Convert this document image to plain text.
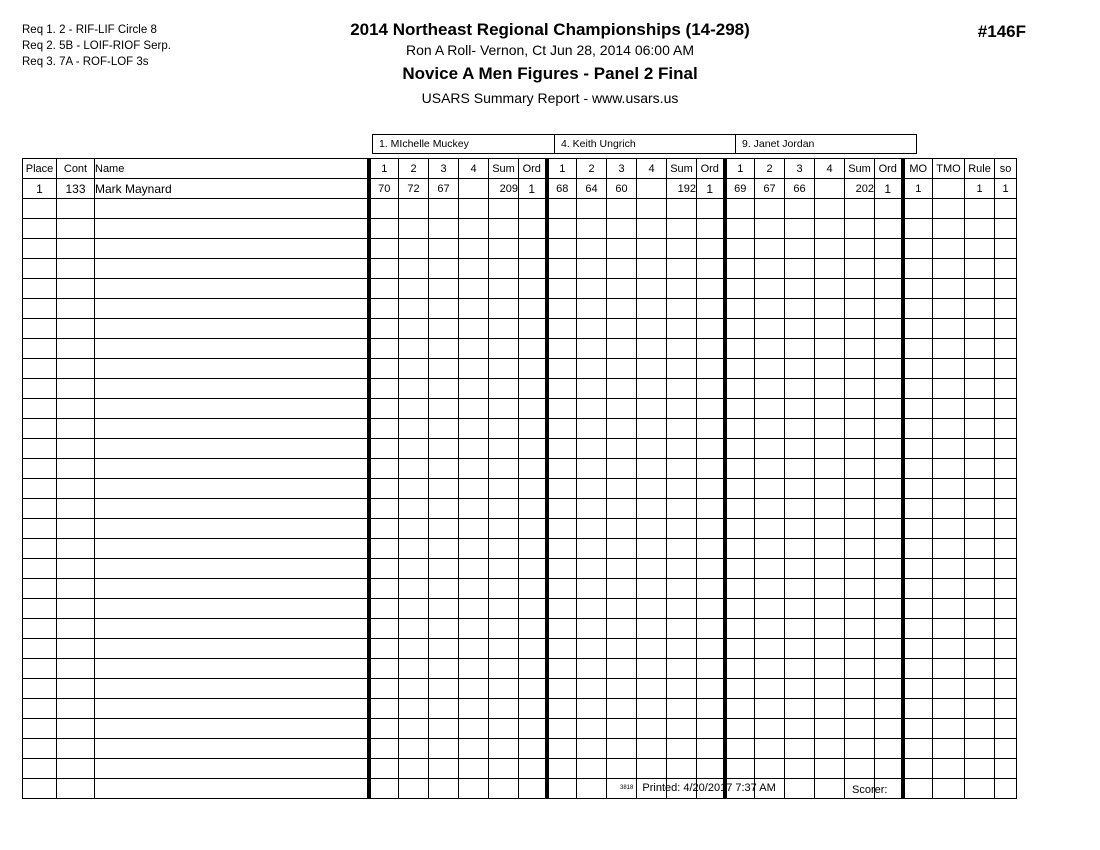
Req 1. 2 - RIF-LIF Circle 8
Req 2. 5B - LOIF-RIOF Serp.
Req 3. 7A - ROF-LOF 3s
2014 Northeast Regional Championships (14-298)
Ron A Roll- Vernon, Ct Jun 28, 2014 06:00 AM
Novice A Men Figures - Panel 2 Final
USARS Summary Report - www.usars.us
#146F
1. MIchelle Muckey	4. Keith Ungrich	9. Janet Jordan
Place	Cont	Name	1	2	3	4	Sum	Ord	1	2	3	4	Sum	Ord	1	2	3	4	Sum	Ord	MO	TMO	Rule	so
1	133	Mark Maynard	70	72	67		209	1	68	64	60		192	1	69	67	66		202	1	1		1	1

3818 Printed: 4/20/2017 7:37 AM	Scorer:
